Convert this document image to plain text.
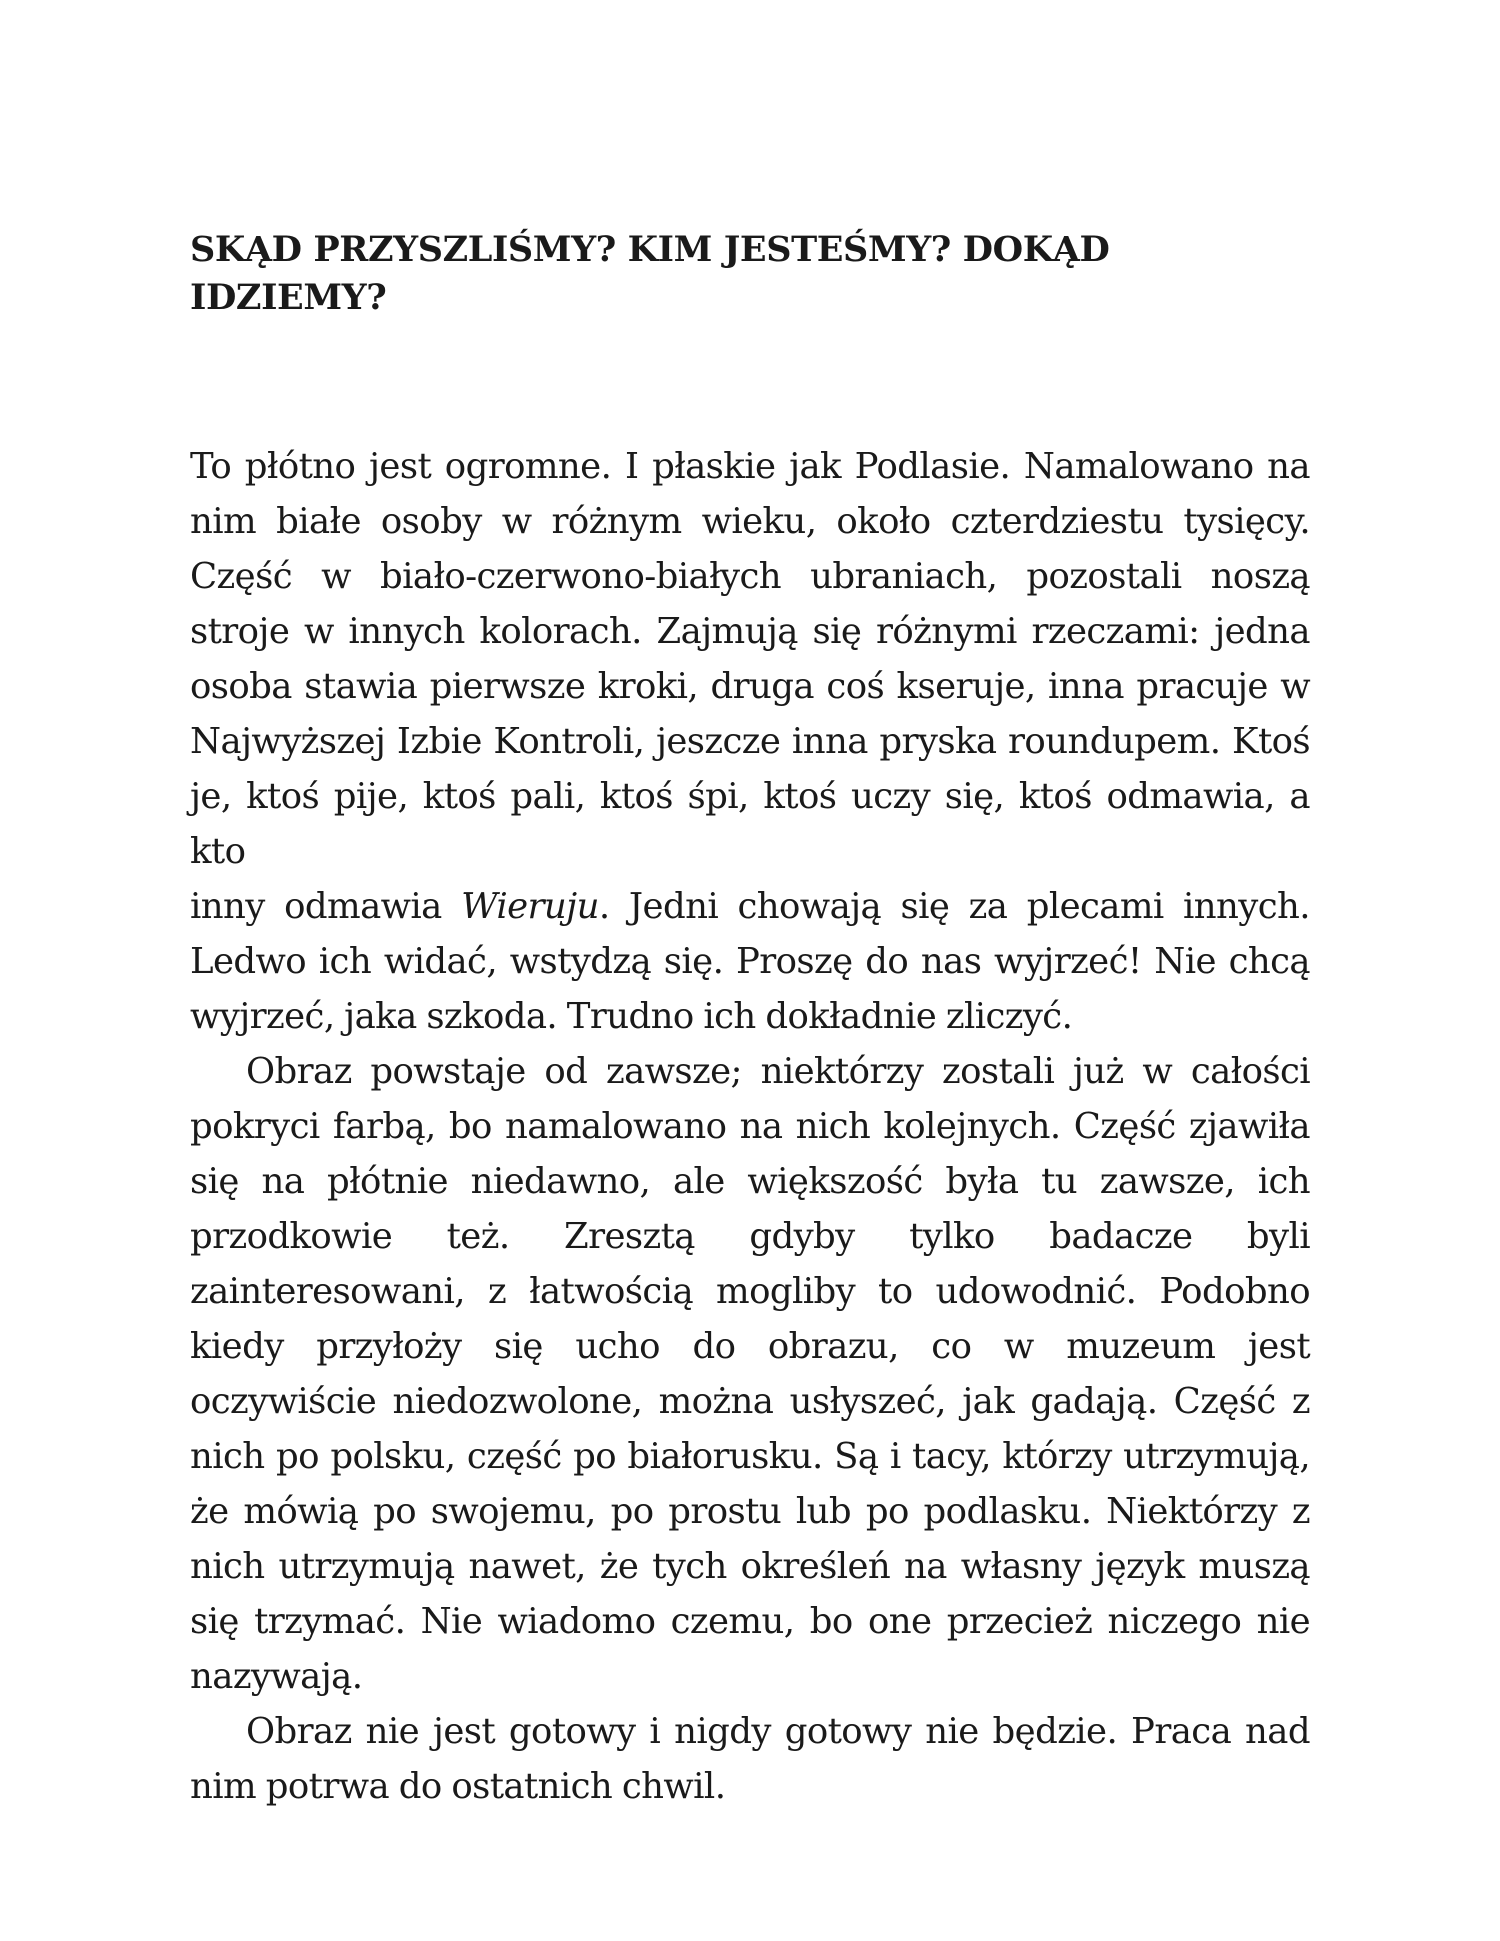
SKĄD PRZYSZLIŚMY? KIM JESTEŚMY? DOKĄD IDZIEMY?

To płótno jest ogromne. I płaskie jak Podlasie. Namalowano na
nim białe osoby w różnym wieku, około czterdziestu tysięcy.
Część w biało-czerwono-białych ubraniach, pozostali noszą
stroje w innych kolorach. Zajmują się różnymi rzeczami: jedna
osoba stawia pierwsze kroki, druga coś kseruje, inna pracuje w
Najwyższej Izbie Kontroli, jeszcze inna pryska roundupem. Ktoś
je, ktoś pije, ktoś pali, ktoś śpi, ktoś uczy się, ktoś odmawia, a kto
inny odmawia Wieruju. Jedni chowają się za plecami innych.
Ledwo ich widać, wstydzą się. Proszę do nas wyjrzeć! Nie chcą
wyjrzeć, jaka szkoda. Trudno ich dokładnie zliczyć.

Obraz powstaje od zawsze; niektórzy zostali już w całości
pokryci farbą, bo namalowano na nich kolejnych. Część zjawiła
się na płótnie niedawno, ale większość była tu zawsze, ich
przodkowie też. Zresztą gdyby tylko badacze byli
zainteresowani, z łatwością mogliby to udowodnić. Podobno
kiedy przyłoży się ucho do obrazu, co w muzeum jest
oczywiście niedozwolone, można usłyszeć, jak gadają. Część z
nich po polsku, część po białorusku. Są i tacy, którzy utrzymują,
że mówią po swojemu, po prostu lub po podlasku. Niektórzy z
nich utrzymują nawet, że tych określeń na własny język muszą
się trzymać. Nie wiadomo czemu, bo one przecież niczego nie
nazywają.

Obraz nie jest gotowy i nigdy gotowy nie będzie. Praca nad
nim potrwa do ostatnich chwil.
